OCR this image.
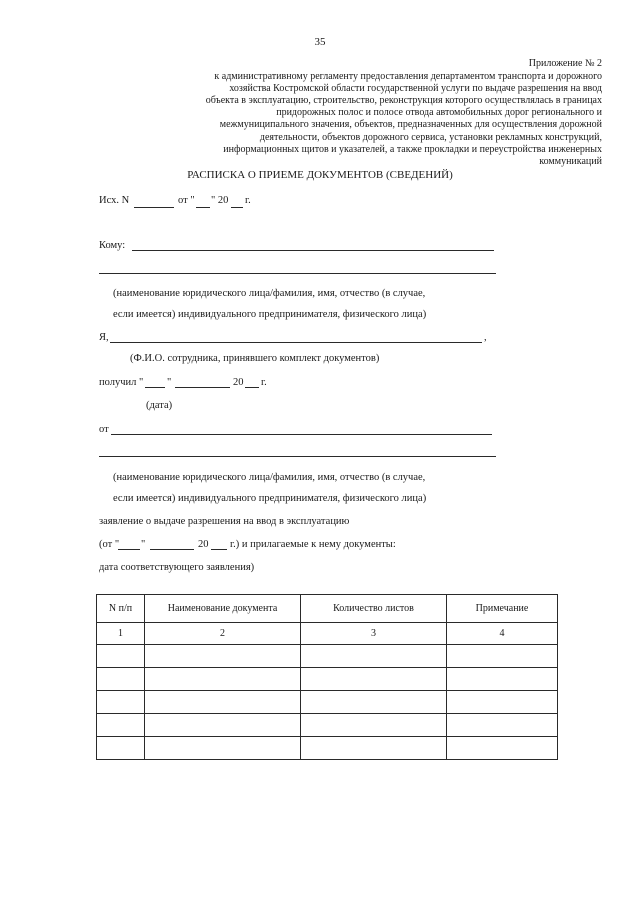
35
Приложение № 2
к административному регламенту предоставления департаментом транспорта и дорожного
хозяйства Костромской области государственной услуги по выдаче разрешения на ввод
объекта в эксплуатацию, строительство, реконструкция которого осуществлялась в границах
придорожных полос и полосе отвода автомобильных дорог регионального и
межмуниципального значения, объектов, предназначенных для осуществления дорожной
деятельности, объектов дорожного сервиса, установки рекламных конструкций,
информационных щитов и указателей, а также прокладки и переустройства инженерных
коммуникаций
РАСПИСКА О ПРИЕМЕ ДОКУМЕНТОВ (СВЕДЕНИЙ)
Исх. N	от " " 20 г.
Кому:
(наименование юридического лица/фамилия, имя, отчество (в случае,
если имеется) индивидуального предпринимателя, физического лица)
Я,	,
(Ф.И.О. сотрудника, принявшего комплект документов)
получил " "	20 г.
(дата)
от
(наименование юридического лица/фамилия, имя, отчество (в случае,
если имеется) индивидуального предпринимателя, физического лица)
заявление о выдаче разрешения на ввод в эксплуатацию
(от " "	20 г.) и прилагаемые к нему документы:
дата соответствующего заявления)
N п/п	Наименование документа	Количество листов	Примечание
1	2	3	4
